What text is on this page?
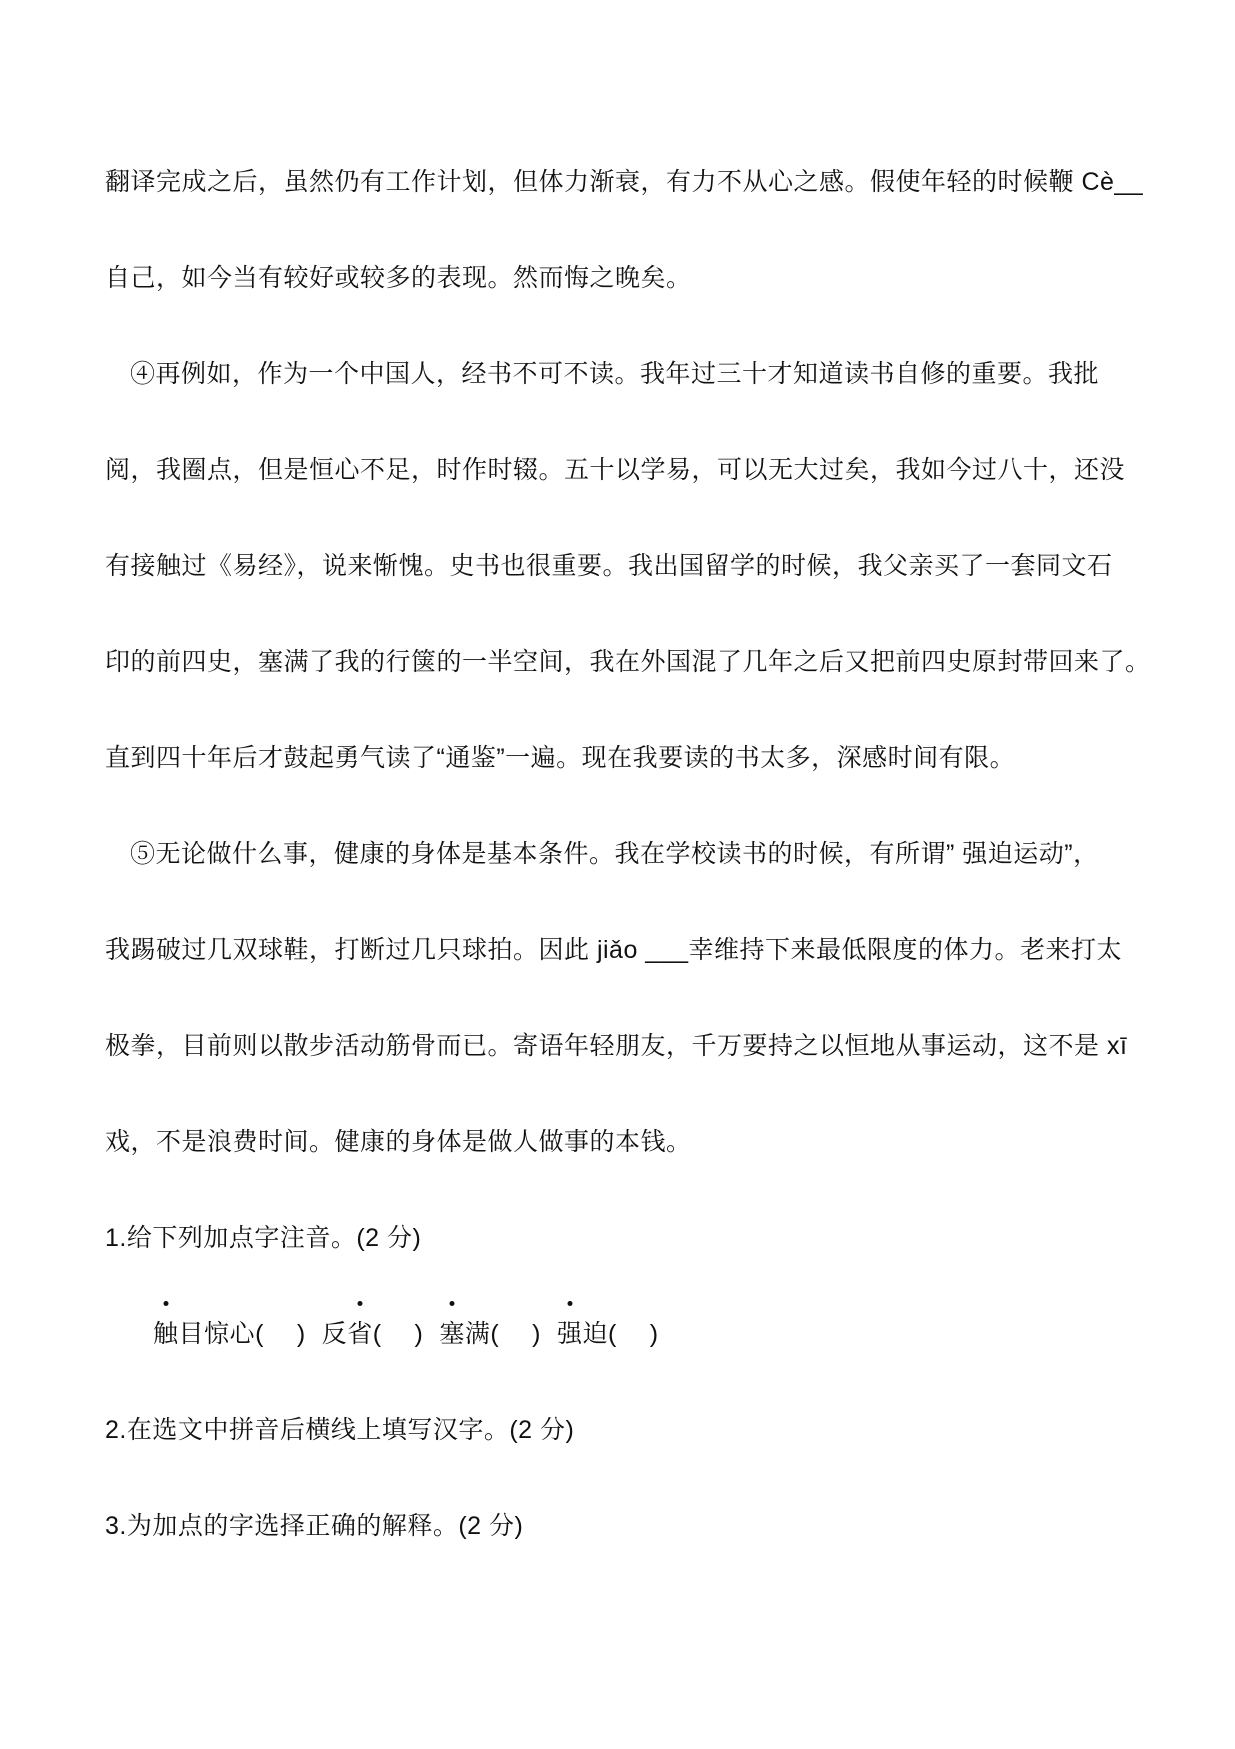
翻译完成之后，虽然仍有工作计划，但体力渐衰，有力不从心之感。假使年轻的时候鞭 Cè__
自己，如今当有较好或较多的表现。然而悔之晚矣。
④再例如，作为一个中国人，经书不可不读。我年过三十才知道读书自修的重要。我批
阅，我圈点，但是恒心不足，时作时辍。五十以学易，可以无大过矣，我如今过八十，还没
有接触过《易经》，说来惭愧。史书也很重要。我出国留学的时候，我父亲买了一套同文石
印的前四史，塞满了我的行箧的一半空间，我在外国混了几年之后又把前四史原封带回来了。
直到四十年后才鼓起勇气读了“通鉴”一遍。现在我要读的书太多，深感时间有限。
⑤无论做什么事，健康的身体是基本条件。我在学校读书的时候，有所谓” 强迫运动”，
我踢破过几双球鞋，打断过几只球拍。因此 jiǎo ___幸维持下来最低限度的体力。老来打太
极拳，目前则以散步活动筋骨而已。寄语年轻朋友，千万要持之以恒地从事运动，这不是 xī
戏，不是浪费时间。健康的身体是做人做事的本钱。
1.给下列加点字注音。(2 分)
触
目惊心(　 ) 反省
(　 ) 塞
满(　 ) 强
迫(　 )
2.在选文中拼音后横线上填写汉字。(2 分)
3.为加点的字选择正确的解释。(2 分)
